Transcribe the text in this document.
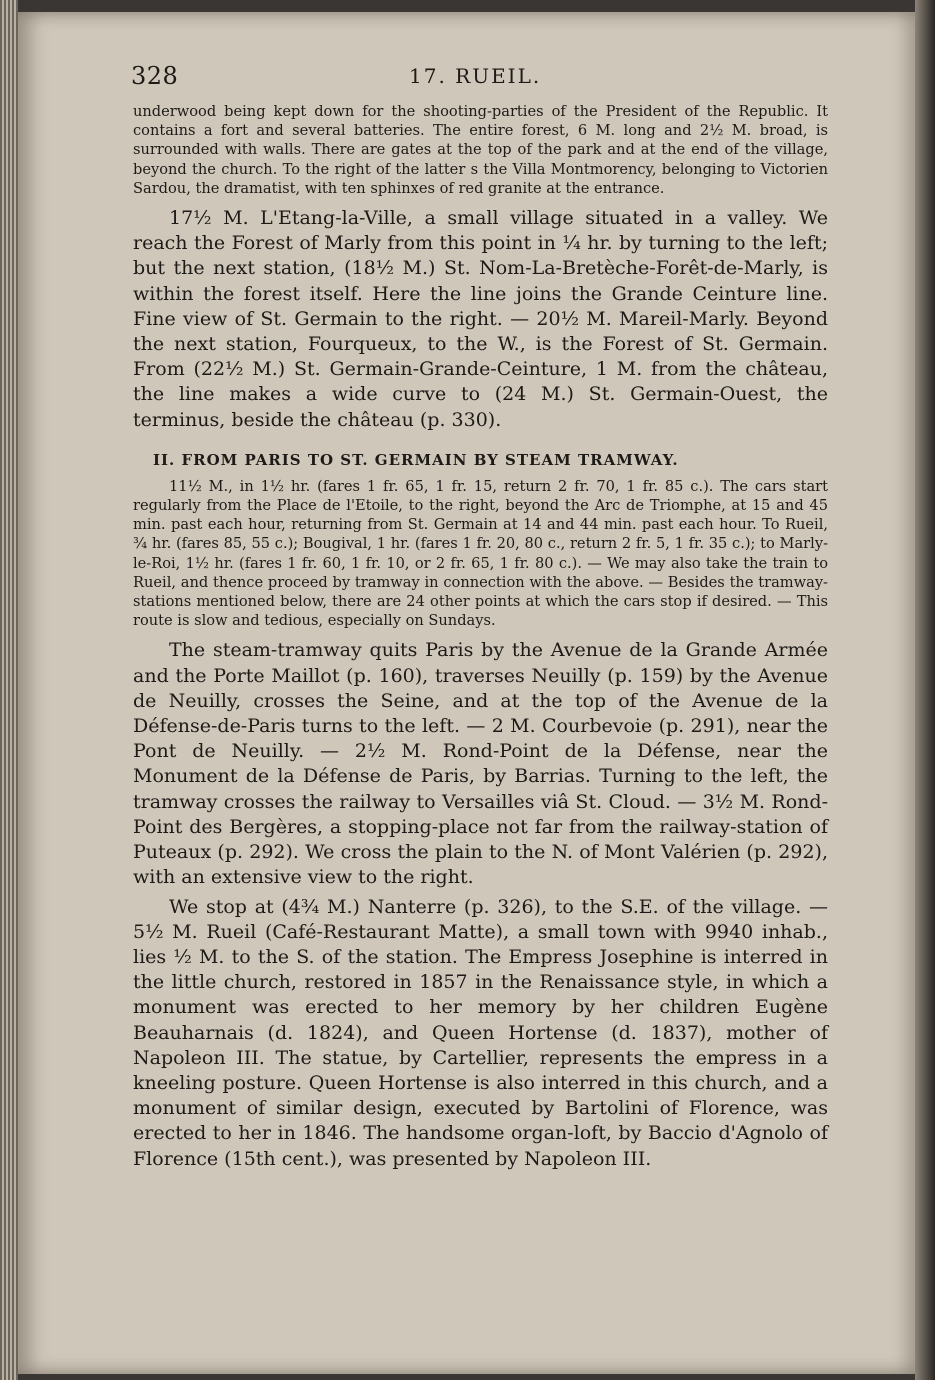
328	17. RUEIL.

underwood being kept down for the shooting-parties of the President of the Republic. It contains a fort and several batteries. The entire forest, 6 M. long and 2½ M. broad, is surrounded with walls. There are gates at the top of the park and at the end of the village, beyond the church. To the right of the latter s the Villa Montmorency, belonging to Victorien Sardou, the dramatist, with ten sphinxes of red granite at the entrance.

17½ M. L'Etang-la-Ville, a small village situated in a valley. We reach the Forest of Marly from this point in ¼ hr. by turning to the left; but the next station, (18½ M.) St. Nom-La-Bretèche-Forêt-de-Marly, is within the forest itself. Here the line joins the Grande Ceinture line. Fine view of St. Germain to the right. — 20½ M. Mareil-Marly. Beyond the next station, Fourqueux, to the W., is the Forest of St. Germain. From (22½ M.) St. Germain-Grande-Ceinture, 1 M. from the château, the line makes a wide curve to (24 M.) St. Germain-Ouest, the terminus, beside the château (p. 330).

II. FROM PARIS TO ST. GERMAIN BY STEAM TRAMWAY.

11½ M., in 1½ hr. (fares 1 fr. 65, 1 fr. 15, return 2 fr. 70, 1 fr. 85 c.). The cars start regularly from the Place de l'Etoile, to the right, beyond the Arc de Triomphe, at 15 and 45 min. past each hour, returning from St. Germain at 14 and 44 min. past each hour. To Rueil, ¾ hr. (fares 85, 55 c.); Bougival, 1 hr. (fares 1 fr. 20, 80 c., return 2 fr. 5, 1 fr. 35 c.); to Marly-le-Roi, 1½ hr. (fares 1 fr. 60, 1 fr. 10, or 2 fr. 65, 1 fr. 80 c.). — We may also take the train to Rueil, and thence proceed by tramway in connection with the above. — Besides the tramway-stations mentioned below, there are 24 other points at which the cars stop if desired. — This route is slow and tedious, especially on Sundays.

The steam-tramway quits Paris by the Avenue de la Grande Armée and the Porte Maillot (p. 160), traverses Neuilly (p. 159) by the Avenue de Neuilly, crosses the Seine, and at the top of the Avenue de la Défense-de-Paris turns to the left. — 2 M. Courbevoie (p. 291), near the Pont de Neuilly. — 2½ M. Rond-Point de la Défense, near the Monument de la Défense de Paris, by Barrias. Turning to the left, the tramway crosses the railway to Versailles viâ St. Cloud. — 3½ M. Rond-Point des Bergères, a stopping-place not far from the railway-station of Puteaux (p. 292). We cross the plain to the N. of Mont Valérien (p. 292), with an extensive view to the right.

We stop at (4¾ M.) Nanterre (p. 326), to the S.E. of the village. — 5½ M. Rueil (Café-Restaurant Matte), a small town with 9940 inhab., lies ½ M. to the S. of the station. The Empress Josephine is interred in the little church, restored in 1857 in the Renaissance style, in which a monument was erected to her memory by her children Eugène Beauharnais (d. 1824), and Queen Hortense (d. 1837), mother of Napoleon III. The statue, by Cartellier, represents the empress in a kneeling posture. Queen Hortense is also interred in this church, and a monument of similar design, executed by Bartolini of Florence, was erected to her in 1846. The handsome organ-loft, by Baccio d'Agnolo of Florence (15th cent.), was presented by Napoleon III.
